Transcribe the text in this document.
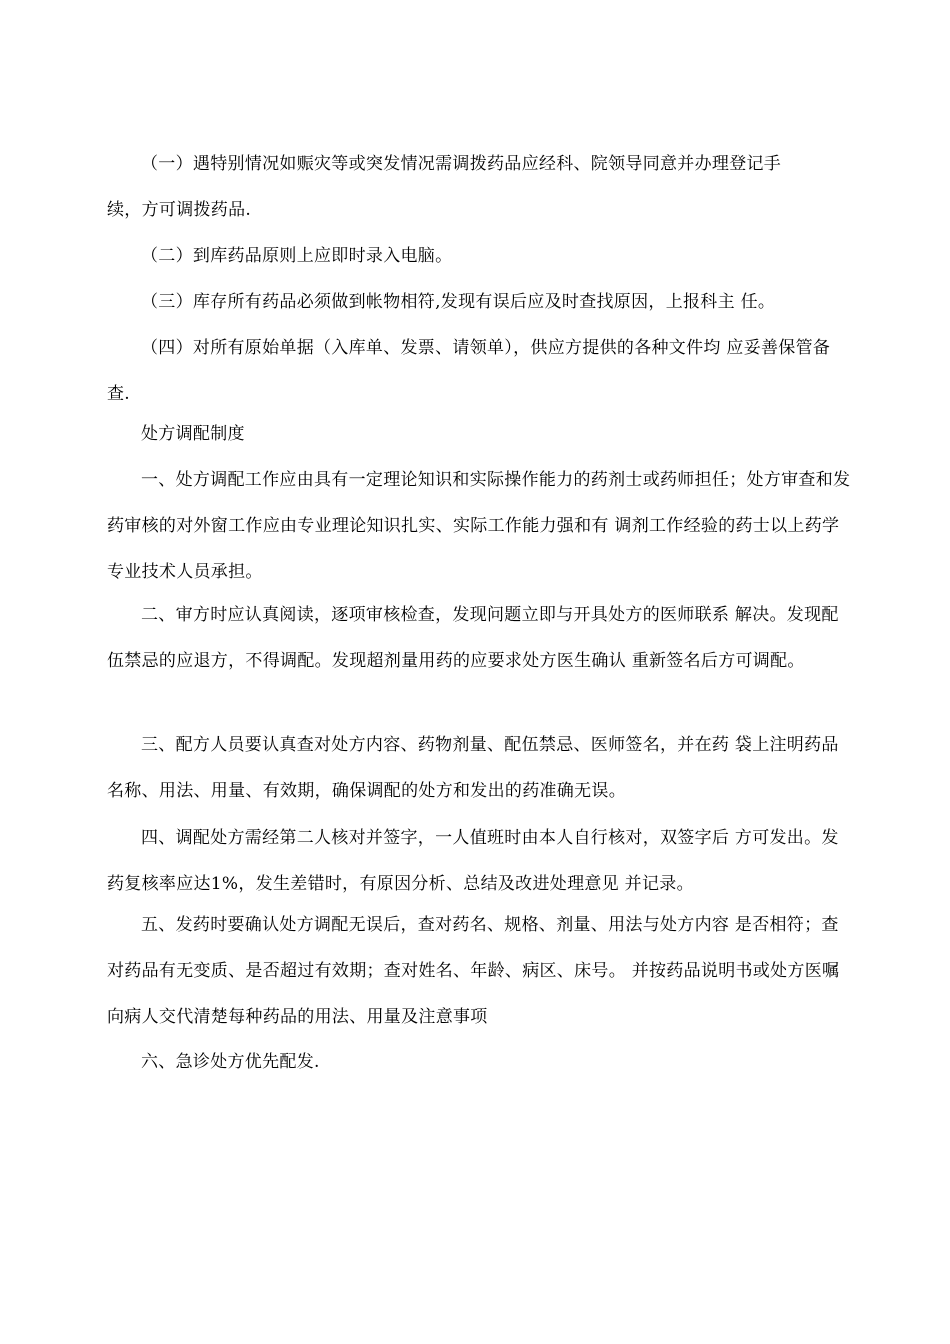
（一）遇特别情况如赈灾等或突发情况需调拨药品应经科、院领导同意并办理登记手续，方可调拨药品.

（二）到库药品原则上应即时录入电脑。

（三）库存所有药品必须做到帐物相符,发现有误后应及时查找原因，上报科主 任。

（四）对所有原始单据（入库单、发票、请领单），供应方提供的各种文件均 应妥善保管备查.

处方调配制度

一、处方调配工作应由具有一定理论知识和实际操作能力的药剂士或药师担任；处方审查和发药审核的对外窗工作应由专业理论知识扎实、实际工作能力强和有 调剂工作经验的药士以上药学专业技术人员承担。

二、审方时应认真阅读，逐项审核检查，发现问题立即与开具处方的医师联系 解决。发现配伍禁忌的应退方，不得调配。发现超剂量用药的应要求处方医生确认 重新签名后方可调配。

三、配方人员要认真查对处方内容、药物剂量、配伍禁忌、医师签名，并在药 袋上注明药品名称、用法、用量、有效期，确保调配的处方和发出的药准确无误。

四、调配处方需经第二人核对并签字，一人值班时由本人自行核对，双签字后 方可发出。发药复核率应达1%，发生差错时，有原因分析、总结及改进处理意见 并记录。

五、发药时要确认处方调配无误后，查对药名、规格、剂量、用法与处方内容 是否相符；查对药品有无变质、是否超过有效期；查对姓名、年龄、病区、床号。 并按药品说明书或处方医嘱向病人交代清楚每种药品的用法、用量及注意事项

六、急诊处方优先配发.
